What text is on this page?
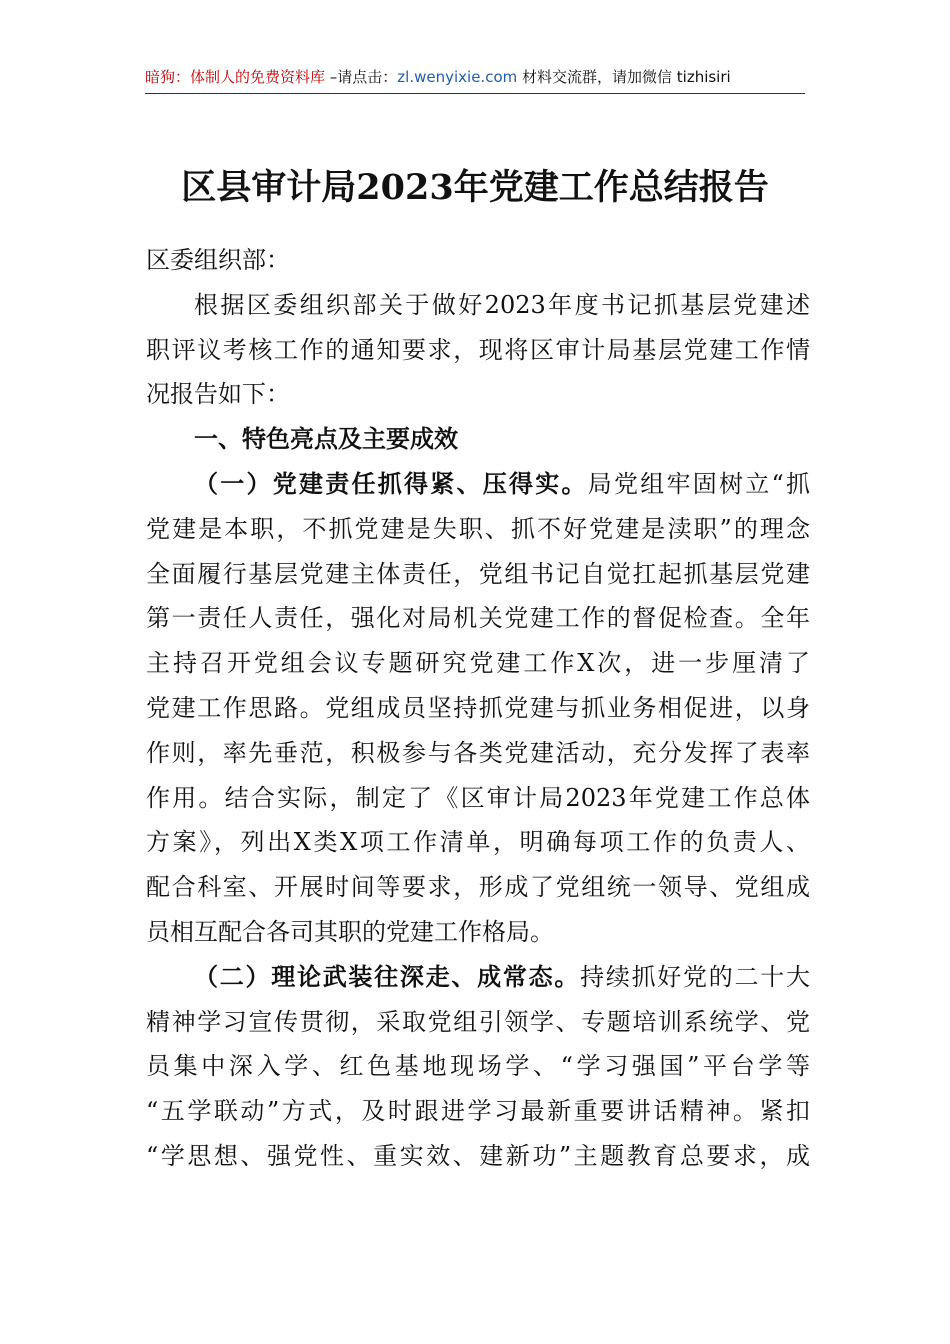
暗狗：体制人的免费资料库 –请点击：zl.wenyixie.com 材料交流群，请加微信 tizhisiri
区县审计局2023年党建工作总结报告

区委组织部：

根据区委组织部关于做好2023年度书记抓基层党建述
职评议考核工作的通知要求，现将区审计局基层党建工作情
况报告如下：

一、特色亮点及主要成效

（一）党建责任抓得紧、压得实。局党组牢固树立“抓
党建是本职，不抓党建是失职、抓不好党建是渎职”的理念
全面履行基层党建主体责任，党组书记自觉扛起抓基层党建
第一责任人责任，强化对局机关党建工作的督促检查。全年
主持召开党组会议专题研究党建工作X次，进一步厘清了
党建工作思路。党组成员坚持抓党建与抓业务相促进，以身
作则，率先垂范，积极参与各类党建活动，充分发挥了表率
作用。结合实际，制定了《区审计局2023年党建工作总体
方案》，列出X类X项工作清单，明确每项工作的负责人、
配合科室、开展时间等要求，形成了党组统一领导、党组成
员相互配合各司其职的党建工作格局。

（二）理论武装往深走、成常态。持续抓好党的二十大
精神学习宣传贯彻，采取党组引领学、专题培训系统学、党
员集中深入学、红色基地现场学、“学习强国”平台学等
“五学联动”方式，及时跟进学习最新重要讲话精神。紧扣
“学思想、强党性、重实效、建新功”主题教育总要求，成
